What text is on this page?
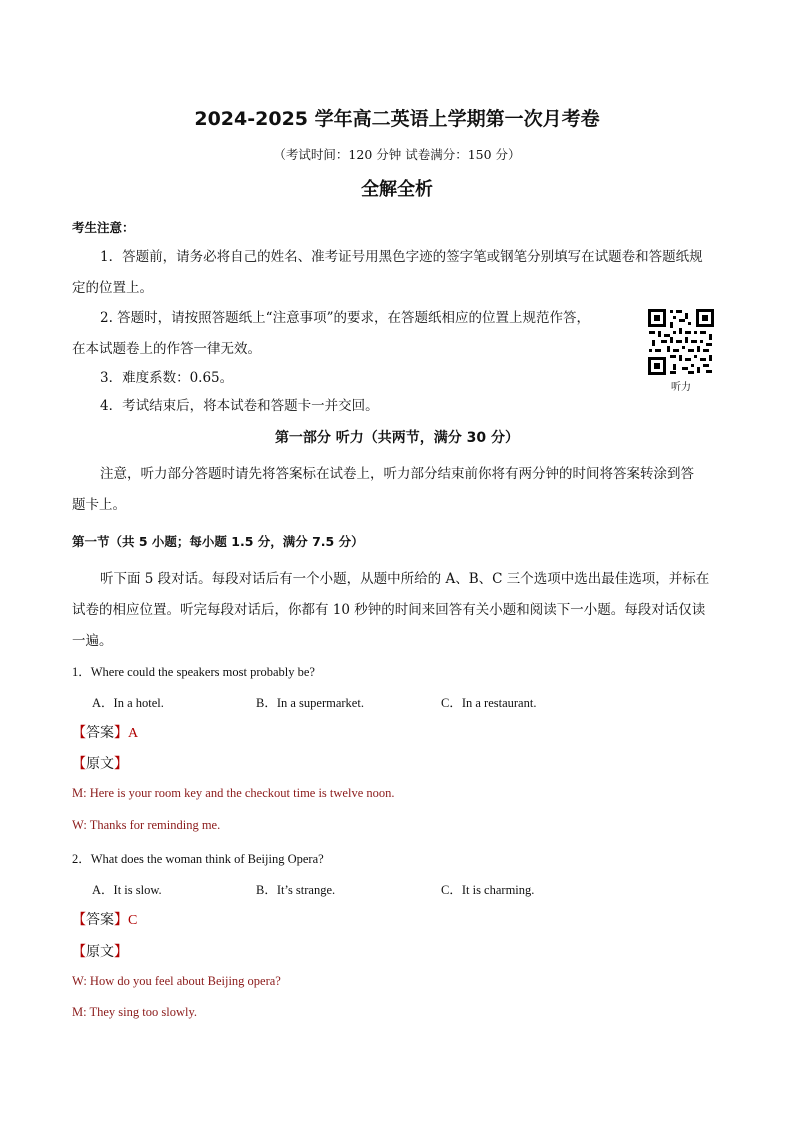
2024-2025 学年高二英语上学期第一次月考卷
（考试时间：120 分钟 试卷满分：150 分）
全解全析
考生注意：
1．答题前，请务必将自己的姓名、准考证号用黑色字迹的签字笔或钢笔分别填写在试题卷和答题纸规
定的位置上。
2. 答题时，请按照答题纸上“注意事项”的要求，在答题纸相应的位置上规范作答，
在本试题卷上的作答一律无效。
3．难度系数：0.65。
4．考试结束后，将本试卷和答题卡一并交回。
听力
第一部分 听力（共两节，满分 30 分）
注意，听力部分答题时请先将答案标在试卷上，听力部分结束前你将有两分钟的时间将答案转涂到答
题卡上。
第一节（共 5 小题；每小题 1.5 分，满分 7.5 分）
听下面 5 段对话。每段对话后有一个小题，从题中所给的 A、B、C 三个选项中选出最佳选项，并标在
试卷的相应位置。听完每段对话后，你都有 10 秒钟的时间来回答有关小题和阅读下一小题。每段对话仅读
一遍。
1．Where could the speakers most probably be?
A．In a hotel.	B．In a supermarket.	C．In a restaurant.
【答案】A
【原文】
M: Here is your room key and the checkout time is twelve noon.
W: Thanks for reminding me.
2．What does the woman think of Beijing Opera?
A．It is slow.	B．It’s strange.	C．It is charming.
【答案】C
【原文】
W: How do you feel about Beijing opera?
M: They sing too slowly.
